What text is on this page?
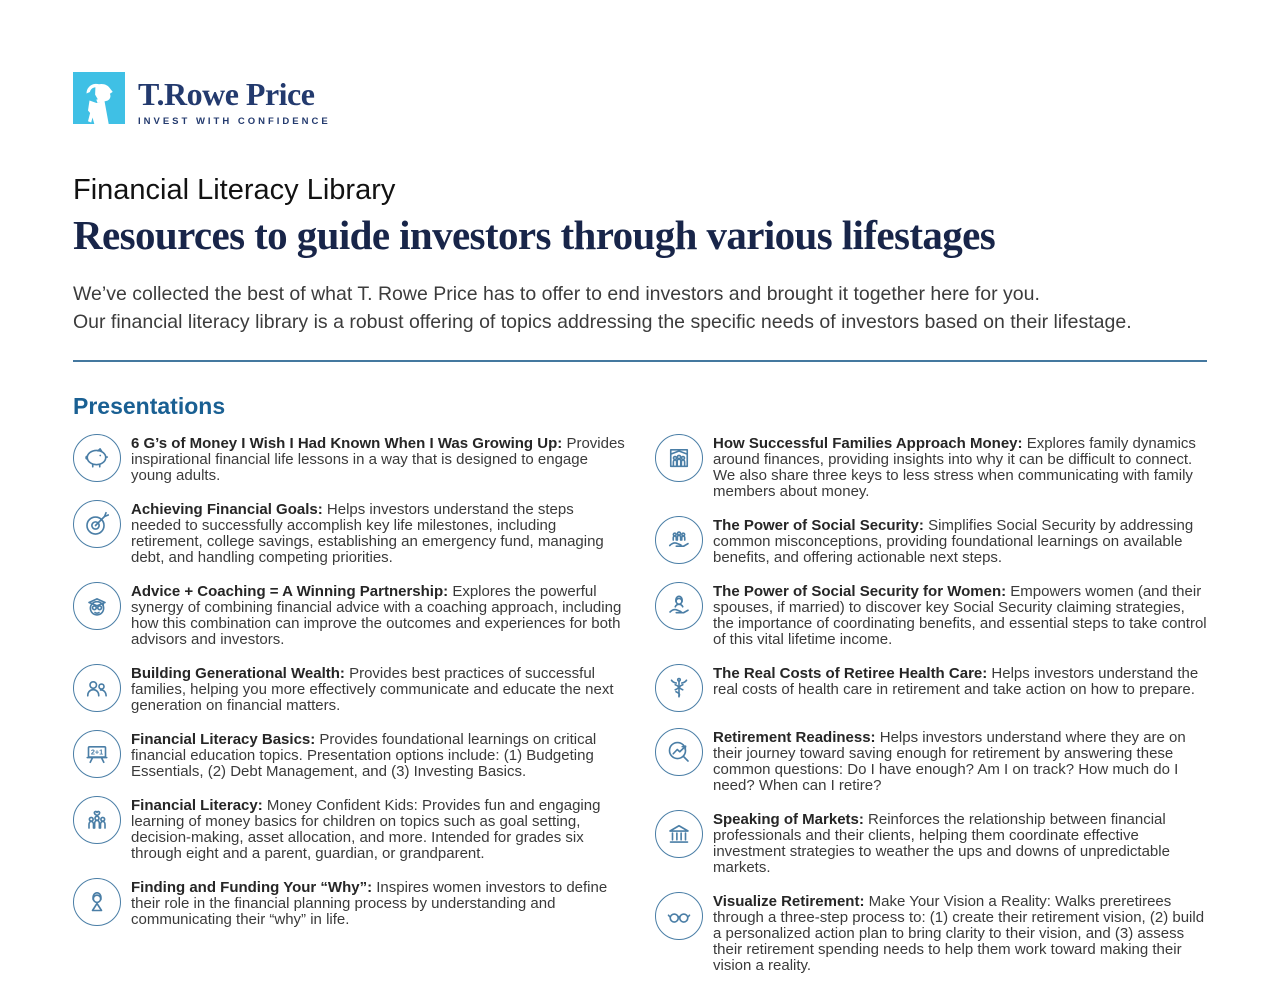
T.Rowe Price
INVEST WITH CONFIDENCE
Financial Literacy Library
Resources to guide investors through various lifestages

We’ve collected the best of what T. Rowe Price has to offer to end investors and brought it together here for you.
Our financial literacy library is a robust offering of topics addressing the specific needs of investors based on their lifestage.

Presentations

6 G’s of Money I Wish I Had Known When I Was Growing Up: Provides inspirational financial life lessons in a way that is designed to engage young adults.

Achieving Financial Goals: Helps investors understand the steps needed to successfully accomplish key life milestones, including retirement, college savings, establishing an emergency fund, managing debt, and handling competing priorities.

Advice + Coaching = A Winning Partnership: Explores the powerful synergy of combining financial advice with a coaching approach, including how this combination can improve the outcomes and experiences for both advisors and investors.

Building Generational Wealth: Provides best practices of successful families, helping you more effectively communicate and educate the next generation on financial matters.

2+1

Financial Literacy Basics: Provides foundational learnings on critical financial education topics. Presentation options include: (1) Budgeting Essentials, (2) Debt Management, and (3) Investing Basics.

Financial Literacy: Money Confident Kids: Provides fun and engaging learning of money basics for children on topics such as goal setting, decision-making, asset allocation, and more. Intended for grades six through eight and a parent, guardian, or grandparent.

Finding and Funding Your “Why”: Inspires women investors to define their role in the financial planning process by understanding and communicating their “why” in life.

How Successful Families Approach Money: Explores family dynamics around finances, providing insights into why it can be difficult to connect. We also share three keys to less stress when communicating with family members about money.

The Power of Social Security: Simplifies Social Security by addressing common misconceptions, providing foundational learnings on available benefits, and offering actionable next steps.

The Power of Social Security for Women: Empowers women (and their spouses, if married) to discover key Social Security claiming strategies, the importance of coordinating benefits, and essential steps to take control of this vital lifetime income.

The Real Costs of Retiree Health Care: Helps investors understand the real costs of health care in retirement and take action on how to prepare.

Retirement Readiness: Helps investors understand where they are on their journey toward saving enough for retirement by answering these common questions: Do I have enough? Am I on track? How much do I need? When can I retire?

Speaking of Markets: Reinforces the relationship between financial professionals and their clients, helping them coordinate effective investment strategies to weather the ups and downs of unpredictable markets.

Visualize Retirement: Make Your Vision a Reality: Walks preretirees through a three-step process to: (1) create their retirement vision, (2) build a personalized action plan to bring clarity to their vision, and (3) assess their retirement spending needs to help them work toward making their vision a reality.
